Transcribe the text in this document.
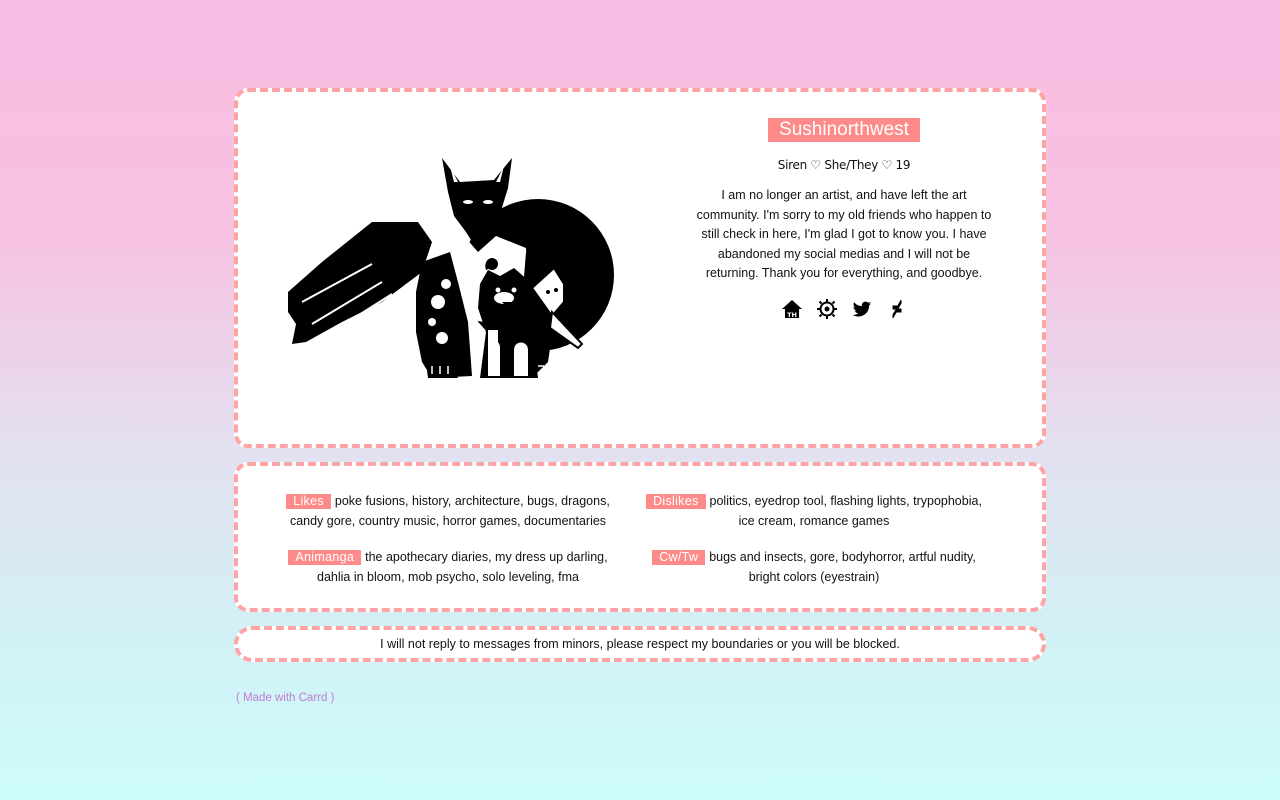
Sushinorthwest
Siren ♡ She/They ♡ 19
I am no longer an artist, and have left the art community. I'm sorry to my old friends who happen to still check in here, I'm glad I got to know you. I have abandoned my social medias and I will not be returning. Thank you for everything, and goodbye.
TH
Likes poke fusions, history, architecture, bugs, dragons, candy gore, country music, horror games, documentaries
Dislikes politics, eyedrop tool, flashing lights, trypophobia, ice cream, romance games
Animanga the apothecary diaries, my dress up darling, dahlia in bloom, mob psycho, solo leveling, fma
Cw/Tw bugs and insects, gore, bodyhorror, artful nudity, bright colors (eyestrain)
I will not reply to messages from minors, please respect my boundaries or you will be blocked.
( Made with Carrd )
